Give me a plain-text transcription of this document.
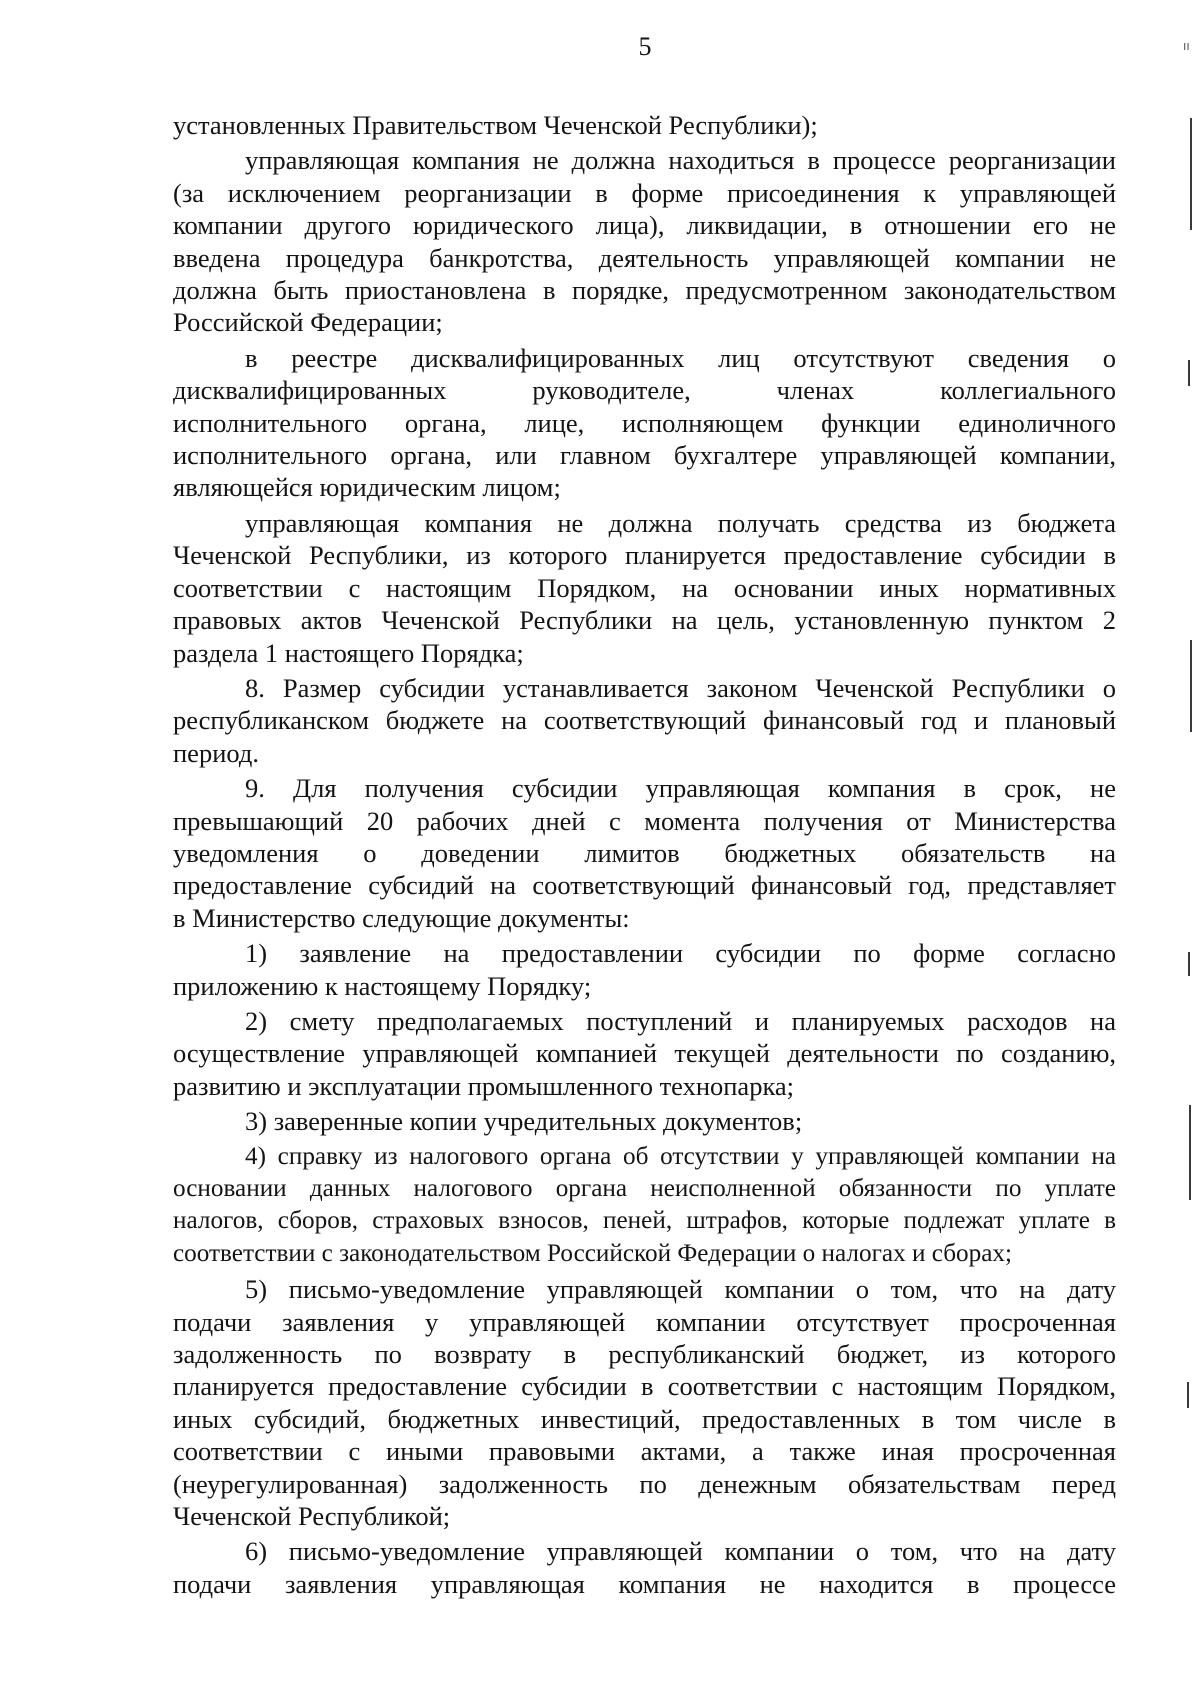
5	ıı

установленных Правительством Чеченской Республики);

управляющая компания не должна находиться в процессе реорганизации
(за исключением реорганизации в форме присоединения к управляющей
компании другого юридического лица), ликвидации, в отношении его не
введена процедура банкротства, деятельность управляющей компании не
должна быть приостановлена в порядке, предусмотренном законодательством
Российской Федерации;

в реестре дисквалифицированных лиц отсутствуют сведения о
дисквалифицированных руководителе, членах коллегиального
исполнительного органа, лице, исполняющем функции единоличного
исполнительного органа, или главном бухгалтере управляющей компании,
являющейся юридическим лицом;

управляющая компания не должна получать средства из бюджета
Чеченской Республики, из которого планируется предоставление субсидии в
соответствии с настоящим Порядком, на основании иных нормативных
правовых актов Чеченской Республики на цель, установленную пунктом 2
раздела 1 настоящего Порядка;

8. Размер субсидии устанавливается законом Чеченской Республики о
республиканском бюджете на соответствующий финансовый год и плановый
период.

9. Для получения субсидии управляющая компания в срок, не
превышающий 20 рабочих дней с момента получения от Министерства
уведомления о доведении лимитов бюджетных обязательств на
предоставление субсидий на соответствующий финансовый год, представляет
в Министерство следующие документы:

1) заявление на предоставлении субсидии по форме согласно
приложению к настоящему Порядку;

2) смету предполагаемых поступлений и планируемых расходов на
осуществление управляющей компанией текущей деятельности по созданию,
развитию и эксплуатации промышленного технопарка;

3) заверенные копии учредительных документов;

4) справку из налогового органа об отсутствии у управляющей компании на
основании данных налогового органа неисполненной обязанности по уплате
налогов, сборов, страховых взносов, пеней, штрафов, которые подлежат уплате в
соответствии с законодательством Российской Федерации о налогах и сборах;

5) письмо-уведомление управляющей компании о том, что на дату
подачи заявления у управляющей компании отсутствует просроченная
задолженность по возврату в республиканский бюджет, из которого
планируется предоставление субсидии в соответствии с настоящим Порядком,
иных субсидий, бюджетных инвестиций, предоставленных в том числе в
соответствии с иными правовыми актами, а также иная просроченная
(неурегулированная) задолженность по денежным обязательствам перед
Чеченской Республикой;

6) письмо-уведомление управляющей компании о том, что на дату
подачи заявления управляющая компания не находится в процессе
